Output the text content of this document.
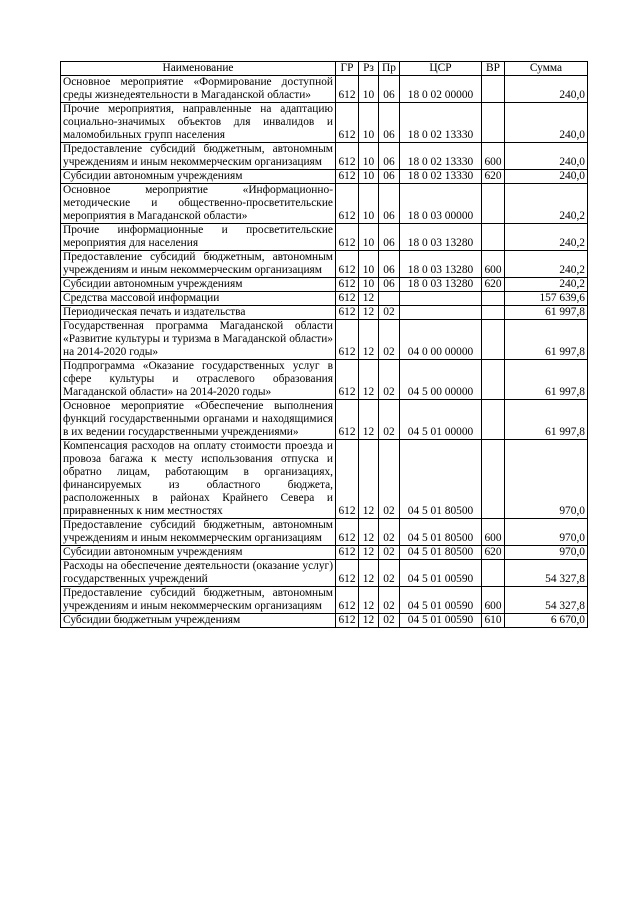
Наименование	ГР	Рз	Пр	ЦСР	ВР	Сумма
Основное мероприятие «Формирование доступной среды жизнедеятельности в Магаданской области»	612	10	06	18 0 02 00000		240,0
Прочие мероприятия, направленные на адаптацию социально-значимых объектов для инвалидов и маломобильных групп населения	612	10	06	18 0 02 13330		240,0
Предоставление субсидий бюджетным, автономным учреждениям и иным некоммерческим организациям	612	10	06	18 0 02 13330	600	240,0
Субсидии автономным учреждениям	612	10	06	18 0 02 13330	620	240,0
Основное мероприятие «Информационно-методические и общественно-просветительские мероприятия в Магаданской области»	612	10	06	18 0 03 00000		240,2
Прочие информационные и просветительские мероприятия для населения	612	10	06	18 0 03 13280		240,2
Предоставление субсидий бюджетным, автономным учреждениям и иным некоммерческим организациям	612	10	06	18 0 03 13280	600	240,2
Субсидии автономным учреждениям	612	10	06	18 0 03 13280	620	240,2
Средства массовой информации	612	12				157 639,6
Периодическая печать и издательства	612	12	02			61 997,8
Государственная программа Магаданской области «Развитие культуры и туризма в Магаданской области» на 2014-2020 годы»	612	12	02	04 0 00 00000		61 997,8
Подпрограмма «Оказание государственных услуг в сфере культуры и отраслевого образования Магаданской области» на 2014-2020 годы»	612	12	02	04 5 00 00000		61 997,8
Основное мероприятие «Обеспечение выполнения функций государственными органами и находящимися в их ведении государственными учреждениями»	612	12	02	04 5 01 00000		61 997,8
Компенсация расходов на оплату стоимости проезда и провоза багажа к месту использования отпуска и обратно лицам, работающим в организациях, финансируемых из областного бюджета, расположенных в районах Крайнего Севера и приравненных к ним местностях	612	12	02	04 5 01 80500		970,0
Предоставление субсидий бюджетным, автономным учреждениям и иным некоммерческим организациям	612	12	02	04 5 01 80500	600	970,0
Субсидии автономным учреждениям	612	12	02	04 5 01 80500	620	970,0
Расходы на обеспечение деятельности (оказание услуг) государственных учреждений	612	12	02	04 5 01 00590		54 327,8
Предоставление субсидий бюджетным, автономным учреждениям и иным некоммерческим организациям	612	12	02	04 5 01 00590	600	54 327,8
Субсидии бюджетным учреждениям	612	12	02	04 5 01 00590	610	6 670,0
